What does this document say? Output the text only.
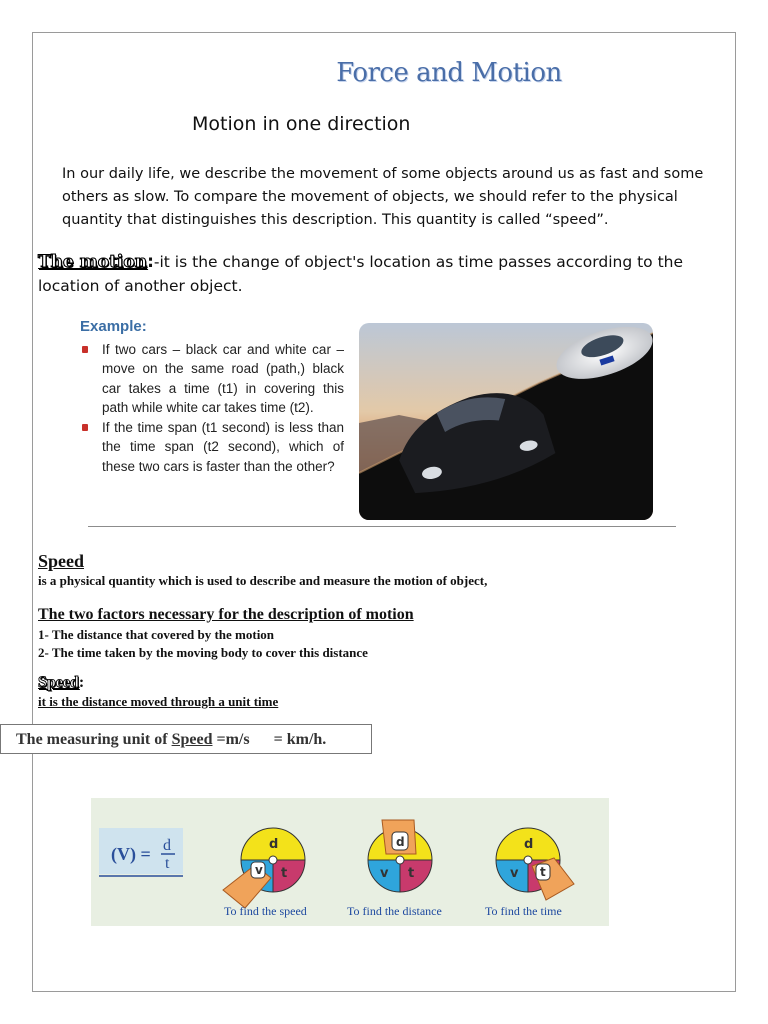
Force and Motion
Motion in one direction
In our daily life, we describe the movement of some objects around us as fast and some others as slow. To compare the movement of objects, we should refer to the physical quantity that distinguishes this description. This quantity is called “speed”.
The motion:-it is the change of object's location as time passes according to the location of another object.
Example:
If two cars – black car and white car – move on the same road (path,) black car takes a time (t1) in covering this path while white car takes time (t2).
If the time span (t1 second) is less than the time span (t2 second), which of these two cars is faster than the other?
Speed
is a physical quantity which is used to describe and measure the motion of object,
The two factors necessary for the description of motion
1- The distance that covered by the motion
2- The time taken by the moving body to cover this distance
Speed:
it is the distance moved through a unit time
The measuring unit of Speed =m/s      = km/h.
(V) = d
t
d
t
v
d
v t
d
v t
To find the speed	To find the distance	To find the time
